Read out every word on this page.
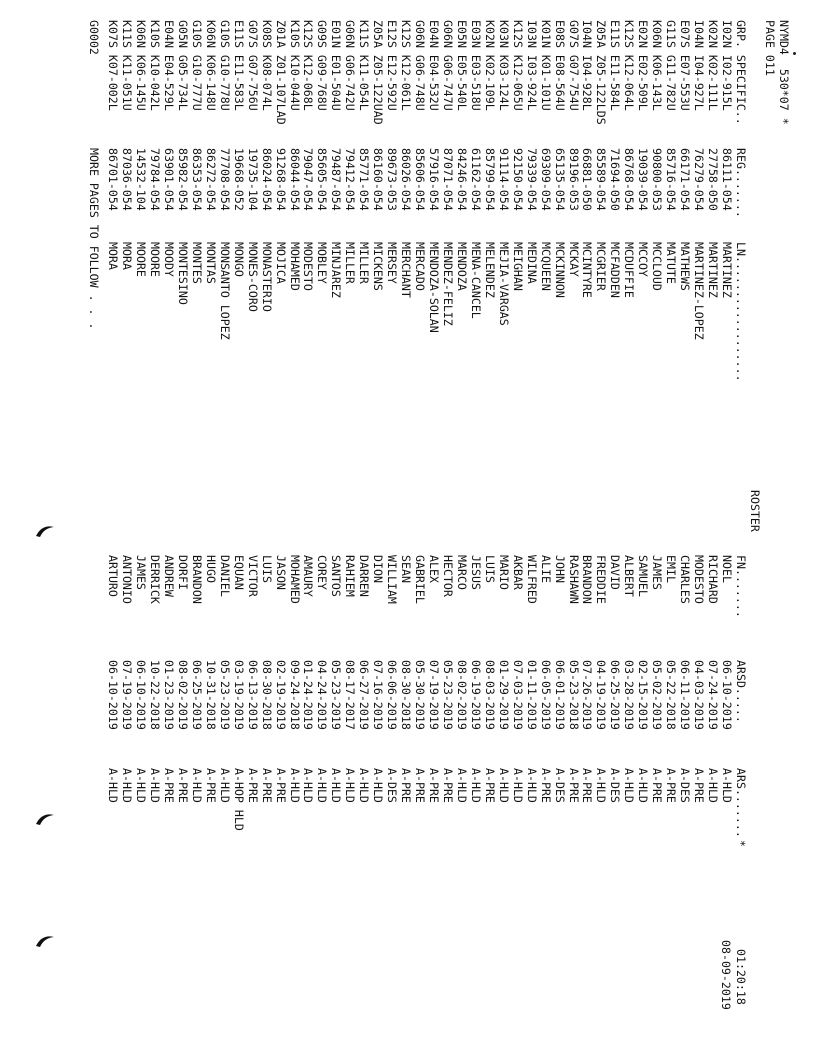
NYMD4  530*07 *

ROSTER

*

08-09-2019

PAGE 011

01:20:18

GRP. SPECIFIC..

REG.......

LN..................

FN.......

ARSD.....

ARS.......

I02N I02-915L
86111-054
MARTINEZ
NOEL
06-10-2019
A-HLD
K02N K02-111L
27758-050
MARTINEZ
RICHARD
07-24-2019
A-HLD
I04N I04-927L
76279-054
MARTINEZ-LOPEZ
MODESTO
04-03-2019
A-PRE
E07S E07-553U
66171-054
MATHEWS
CHARLES
06-11-2019
A-DES
G11S G11-782U
85716-054
MATUTE
EMIL
05-22-2018
A-PRE
K06N K06-143L
90800-053
MCCLOUD
JAMES
05-02-2019
A-PRE
E02N E02-509L
19039-054
MCCOY
SAMUEL
02-15-2019
A-HLD
K12S K12-064L
86768-054
MCDUFFIE
ALBERT
03-28-2019
A-HLD
E11S E11-584L
71694-050
MCFADDEN
DAVID
06-25-2019
A-DES
Z05A Z05-122LDS
85589-054
MCGRIER
FREDDIE
04-19-2019
A-HLD
I04N I04-928L
66881-050
MCINTYRE
BRANDON
07-26-2019
A-PRE
G07S G07-754U
89196-053
MCKAY
RASHAWN
05-23-2018
A-PRE
E08S E08-564U
65135-054
MCKINNON
JOHN
06-01-2019
A-DES
K01N K01-101U
69309-054
MCQUEEN
ALIE
06-05-2019
A-PRE
I03N I03-924L
79339-054
MEDINA
WILFRED
01-11-2019
A-HLD
K12S K12-065U
92150-054
MEIGHAN
AKBAR
07-03-2019
A-HLD
K03N K03-124L
91114-054
MEJIA-VARGAS
MARIO
01-29-2019
A-HLD
K02N K02-109L
85799-054
MELENDEZ
LUIS
08-03-2019
A-PRE
E03N E03-518U
61162-054
MENA-CANCEL
JESUS
06-19-2019
A-HLD
E05N E05-540L
84246-054
MENDOZA
MARCO
08-02-2019
A-HLD
G06N G06-747U
87071-054
MENDEZ-FELIZ
HECTOR
05-23-2019
A-PRE
E04N E04-532U
57916-054
MENDOZA-SOLAN
ALEX
07-19-2019
A-PRE
G06N G06-748U
85606-054
MERCADO
GABRIEL
05-30-2019
A-PRE
K12S K12-061L
86026-054
MERCHANT
SEAN
08-30-2018
A-PRE
E12S E12-592U
89673-053
MERSEY
WILLIAM
06-06-2019
A-DES
Z05A Z05-122UAD
86160-054
MICKENS
DION
07-16-2019
A-HLD
K11S K11-054L
85771-054
MILLER
DARREN
06-27-2019
A-HLD
G06N G06-742U
79412-054
MILLER
RAHIEM
08-17-2017
A-HLD
E01N E01-504U
79487-054
MINJAREZ
SANTOS
05-23-2019
A-HLD
G09S G09-768U
85605-054
MOBLEY
COREY
04-24-2019
A-HLD
K12S K12-068L
79047-054
MODESTO
AMAURY
01-24-2019
A-HLD
K10S K10-044U
86044-054
MOHAMED
MOHAMED
09-24-2018
A-HLD
Z01A Z01-107LAD
91268-054
MOJICA
JASON
02-19-2019
A-PRE
K08S K08-074L
86024-054
MONASTERIO
LUIS
08-30-2018
A-PRE
G07S G07-756U
19735-104
MONES-CORO
VICTOR
06-13-2019
A-PRE
E11S E11-583L
19668-052
MONGO
EQUAN
03-19-2019
A-HOP HLD
G10S G10-778U
77708-054
MONSANTO LOPEZ
DANIEL
05-23-2019
A-HLD
K06N K06-148U
86272-054
MONTAS
HUGO
10-31-2018
A-PRE
G10S G10-777U
86353-054
MONTES
BRANDON
06-25-2019
A-HLD
G05N G05-734L
85982-054
MONTESINO
DORFI
08-02-2019
A-PRE
E04N E04-529L
63901-054
MOODY
ANDREW
01-23-2019
A-PRE
K10S K10-042L
79784-054
MOORE
DERRICK
10-22-2018
A-HLD
K06N K06-145U
14532-104
MOORE
JAMES
06-10-2019
A-HLD
K11S K11-051U
87036-054
MORA
ANTONIO
07-19-2019
A-HLD
K07S K07-002L
86701-054
MORA
ARTURO
06-10-2019
A-HLD

G0002

MORE PAGES TO FOLLOW . . .
